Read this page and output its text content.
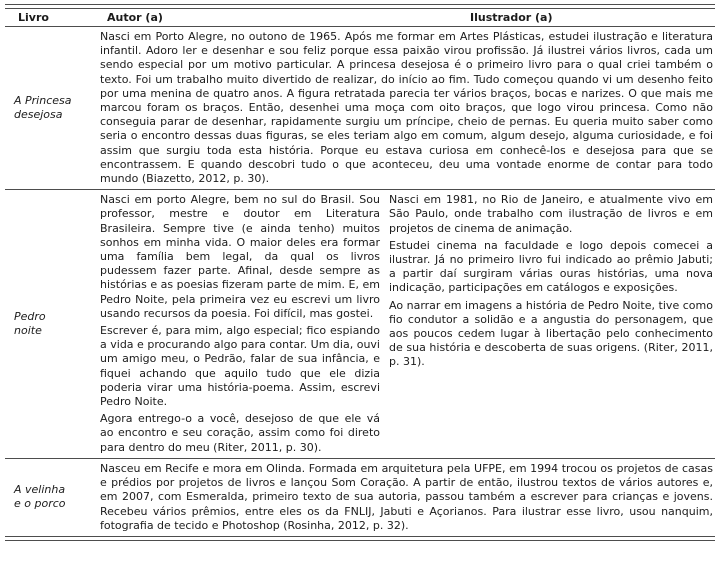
Livro	Autor (a)	Ilustrador (a)
A Princesa desejosa

Nasci em Porto Alegre, no outono de 1965. Após me formar em Artes Plásticas, estudei ilustração e literatura infantil. Adoro ler e desenhar e sou feliz porque essa paixão virou profissão. Já ilustrei vários livros, cada um sendo especial por um motivo particular. A princesa desejosa é o primeiro livro para o qual criei também o texto. Foi um trabalho muito divertido de realizar, do início ao fim. Tudo começou quando vi um desenho feito por uma menina de quatro anos. A figura retratada parecia ter vários braços, bocas e narizes. O que mais me marcou foram os braços. Então, desenhei uma moça com oito braços, que logo virou princesa. Como não conseguia parar de desenhar, rapidamente surgiu um príncipe, cheio de pernas. Eu queria muito saber como seria o encontro dessas duas figuras, se eles teriam algo em comum, algum desejo, alguma curiosidade, e foi assim que surgiu toda esta história. Porque eu estava curiosa em conhecê-los e desejosa para que se encontrassem. E quando descobri tudo o que aconteceu, deu uma vontade enorme de contar para todo mundo (Biazetto, 2012, p. 30).

Pedro noite

Nasci em porto Alegre, bem no sul do Brasil. Sou professor, mestre e doutor em Literatura Brasileira. Sempre tive (e ainda tenho) muitos sonhos em minha vida. O maior deles era formar uma família bem legal, da qual os livros pudessem fazer parte. Afinal, desde sempre as histórias e as poesias fizeram parte de mim. E, em Pedro Noite, pela primeira vez eu escrevi um livro usando recursos da poesia. Foi difícil, mas gostei.

Escrever é, para mim, algo especial; fico espiando a vida e procurando algo para contar. Um dia, ouvi um amigo meu, o Pedrão, falar de sua infância, e fiquei achando que aquilo tudo que ele dizia poderia virar uma história-poema. Assim, escrevi Pedro Noite.

Agora entrego-o a você, desejoso de que ele vá ao encontro e seu coração, assim como foi direto para dentro do meu (Riter, 2011, p. 30).

Nasci em 1981, no Rio de Janeiro, e atualmente vivo em São Paulo, onde trabalho com ilustração de livros e em projetos de cinema de animação.

Estudei cinema na faculdade e logo depois comecei a ilustrar. Já no primeiro livro fui indicado ao prêmio Jabuti; a partir daí surgiram várias ouras histórias, uma nova indicação, participações em catálogos e exposições.

Ao narrar em imagens a história de Pedro Noite, tive como fio condutor a solidão e a angustia do personagem, que aos poucos cedem lugar à libertação pelo conhecimento de sua história e descoberta de suas origens. (Riter, 2011, p. 31).

A velinha e o porco

Nasceu em Recife e mora em Olinda. Formada em arquitetura pela UFPE, em 1994 trocou os projetos de casas e prédios por projetos de livros e lançou Som Coração. A partir de então, ilustrou textos de vários autores e, em 2007, com Esmeralda, primeiro texto de sua autoria, passou também a escrever para crianças e jovens. Recebeu vários prêmios, entre eles os da FNLIJ, Jabuti e Açorianos. Para ilustrar esse livro, usou nanquim, fotografia de tecido e Photoshop (Rosinha, 2012, p. 32).
